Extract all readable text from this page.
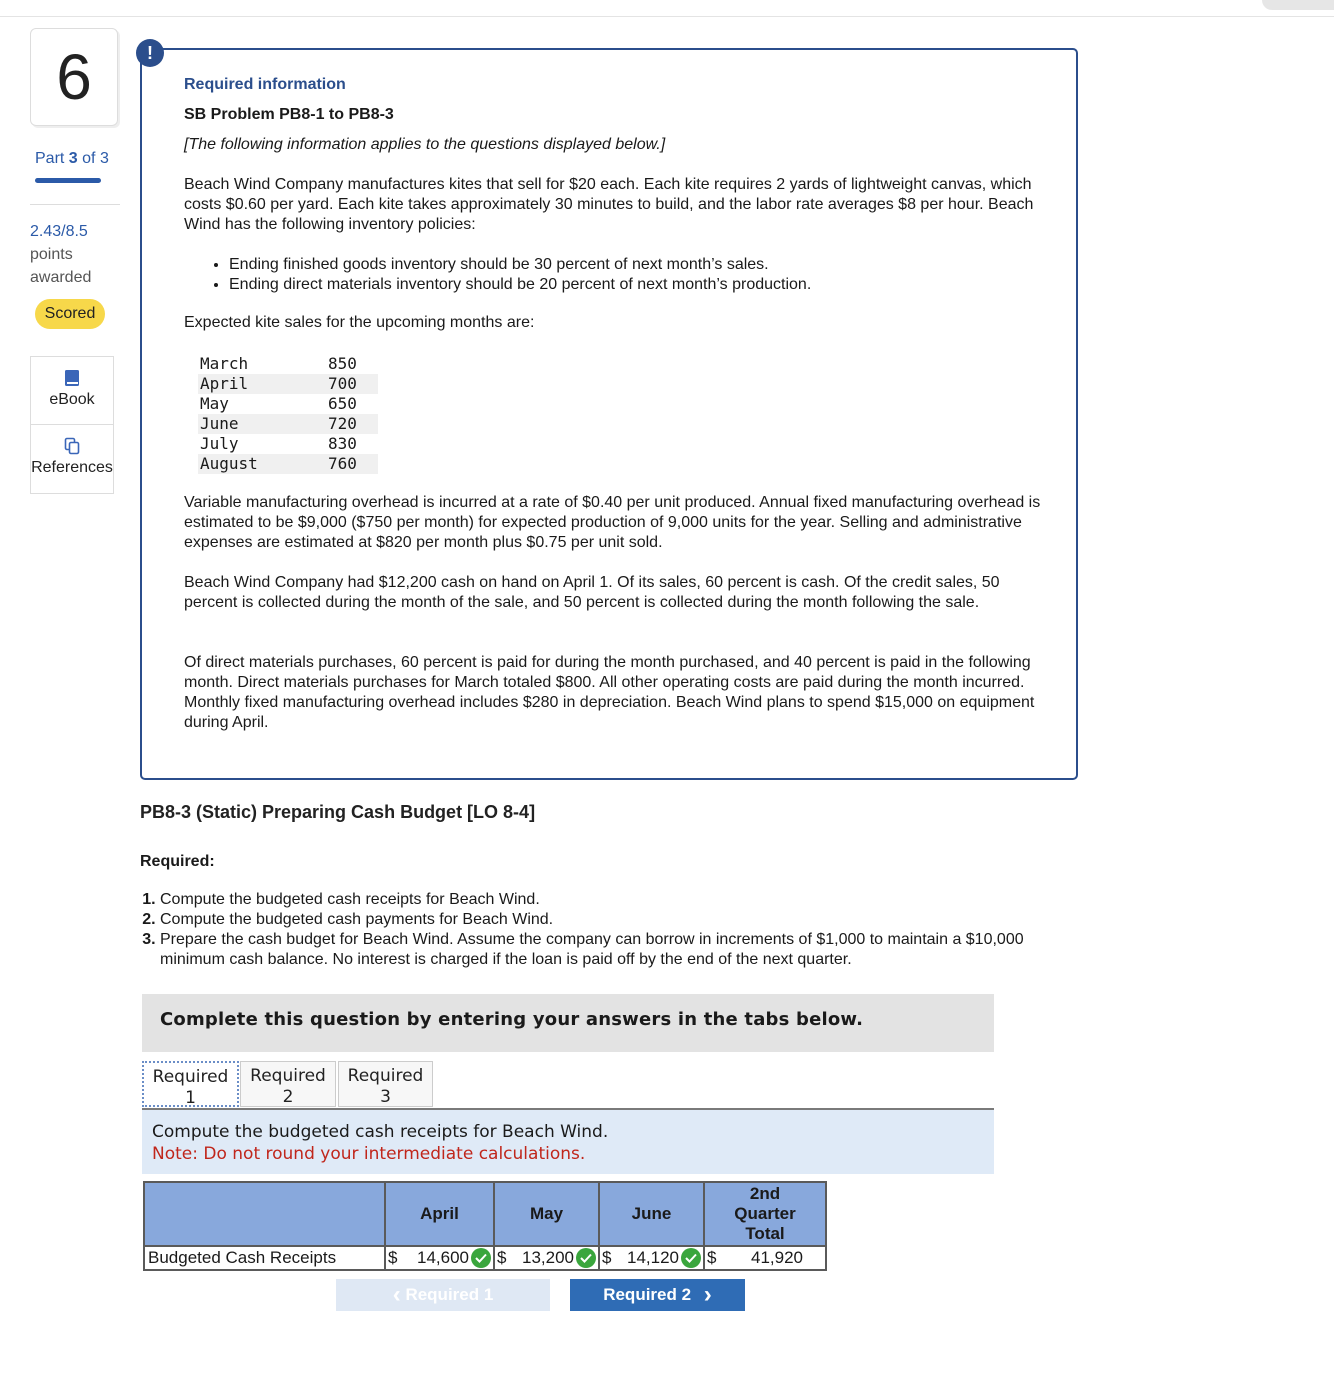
6
Part 3 of 3
2.43/8.5
points
awarded
Scored
eBook
References
!
Required information
SB Problem PB8-1 to PB8-3
[The following information applies to the questions displayed below.]
Beach Wind Company manufactures kites that sell for $20 each. Each kite requires 2 yards of lightweight canvas, which costs $0.60 per yard. Each kite takes approximately 30 minutes to build, and the labor rate averages $8 per hour. Beach Wind has the following inventory policies:
• Ending finished goods inventory should be 30 percent of next month’s sales.
• Ending direct materials inventory should be 20 percent of next month’s production.
Expected kite sales for the upcoming months are:
Variable manufacturing overhead is incurred at a rate of $0.40 per unit produced. Annual fixed manufacturing overhead is estimated to be $9,000 ($750 per month) for expected production of 9,000 units for the year. Selling and administrative expenses are estimated at $820 per month plus $0.75 per unit sold.
Beach Wind Company had $12,200 cash on hand on April 1. Of its sales, 60 percent is cash. Of the credit sales, 50 percent is collected during the month of the sale, and 50 percent is collected during the month following the sale.
Of direct materials purchases, 60 percent is paid for during the month purchased, and 40 percent is paid in the following month. Direct materials purchases for March totaled $800. All other operating costs are paid during the month incurred. Monthly fixed manufacturing overhead includes $280 in depreciation. Beach Wind plans to spend $15,000 on equipment during April.
March	850
April	700
May	650
June	720
July	830
August	760
PB8-3 (Static) Preparing Cash Budget [LO 8-4]
Required:
1. Compute the budgeted cash receipts for Beach Wind.
2. Compute the budgeted cash payments for Beach Wind.
3. Prepare the cash budget for Beach Wind. Assume the company can borrow in increments of $1,000 to maintain a $10,000 minimum cash balance. No interest is charged if the loan is paid off by the end of the next quarter.
Complete this question by entering your answers in the tabs below.
Required
1
Required
2
Required
3
Compute the budgeted cash receipts for Beach Wind.
Note: Do not round your intermediate calculations.
	April	May	June	2nd
Quarter
Total

Budgeted Cash Receipts	$ 14,600	$ 13,200	$ 14,120	$ 41,920
‹ Required 1	Required 2 ›
